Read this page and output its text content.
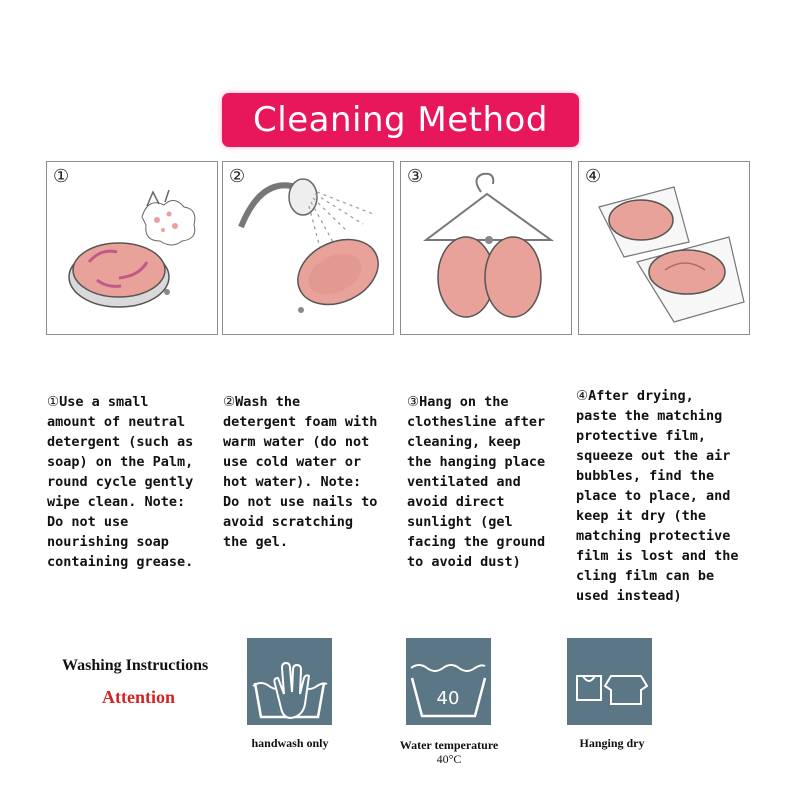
Cleaning Method
①	②	③	④
①Use a small
amount of neutral
detergent (such as
soap) on the Palm,
round cycle gently
wipe clean. Note:
Do not use
nourishing soap
containing grease.
②Wash the
detergent foam with
warm water (do not
use cold water or
hot water). Note:
Do not use nails to
avoid scratching
the gel.
③Hang on the
clothesline after
cleaning, keep
the hanging place
ventilated and
avoid direct
sunlight (gel
facing the ground
to avoid dust)
④After drying,
paste the matching
protective film,
squeeze out the air
bubbles, find the
place to place, and
keep it dry (the
matching protective
film is lost and the
cling film can be
used instead)
Washing Instructions
Attention
handwash only
40
Water temperature
40°C
Hanging dry
